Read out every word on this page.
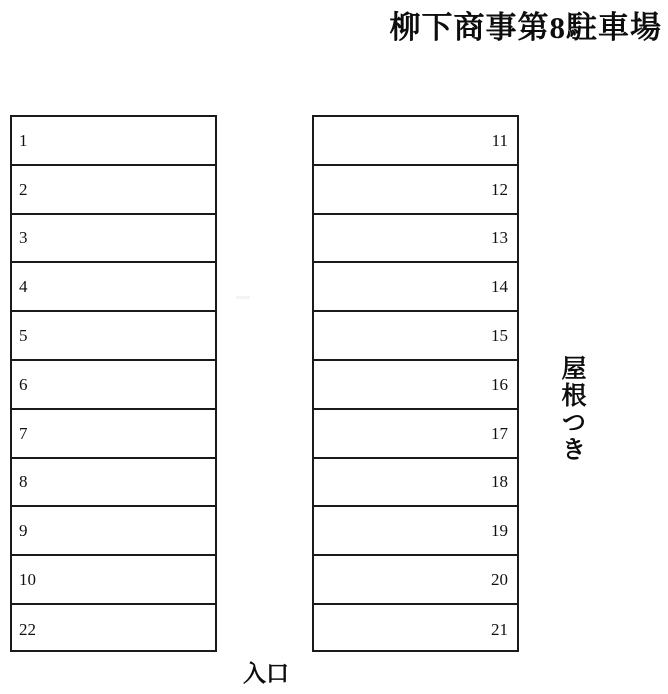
柳下商事第8駐車場
1
2
3
4
5
6
7
8
9
10
22
11
12
13
14
15
16
17
18
19
20
21
屋根つき
入口
